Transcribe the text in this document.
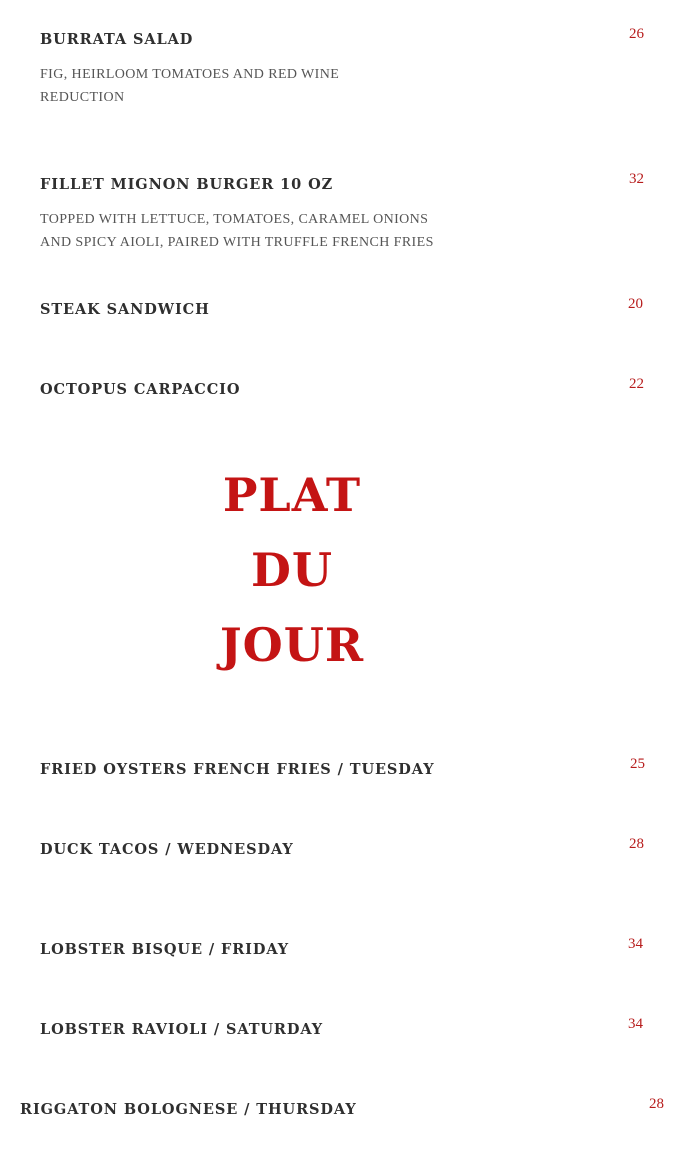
BURRATA SALAD	26
FIG, HEIRLOOM TOMATOES AND RED WINE
REDUCTION
FILLET MIGNON BURGER 10 OZ	32
TOPPED WITH LETTUCE, TOMATOES, CARAMEL ONIONS
AND SPICY AIOLI, PAIRED WITH TRUFFLE FRENCH FRIES
STEAK SANDWICH	20
OCTOPUS CARPACCIO	22
PLAT
DU
JOUR
FRIED OYSTERS FRENCH FRIES / TUESDAY	25
DUCK TACOS / WEDNESDAY	28
LOBSTER BISQUE / FRIDAY	34
LOBSTER RAVIOLI / SATURDAY	34
RIGGATON BOLOGNESE / THURSDAY	28
